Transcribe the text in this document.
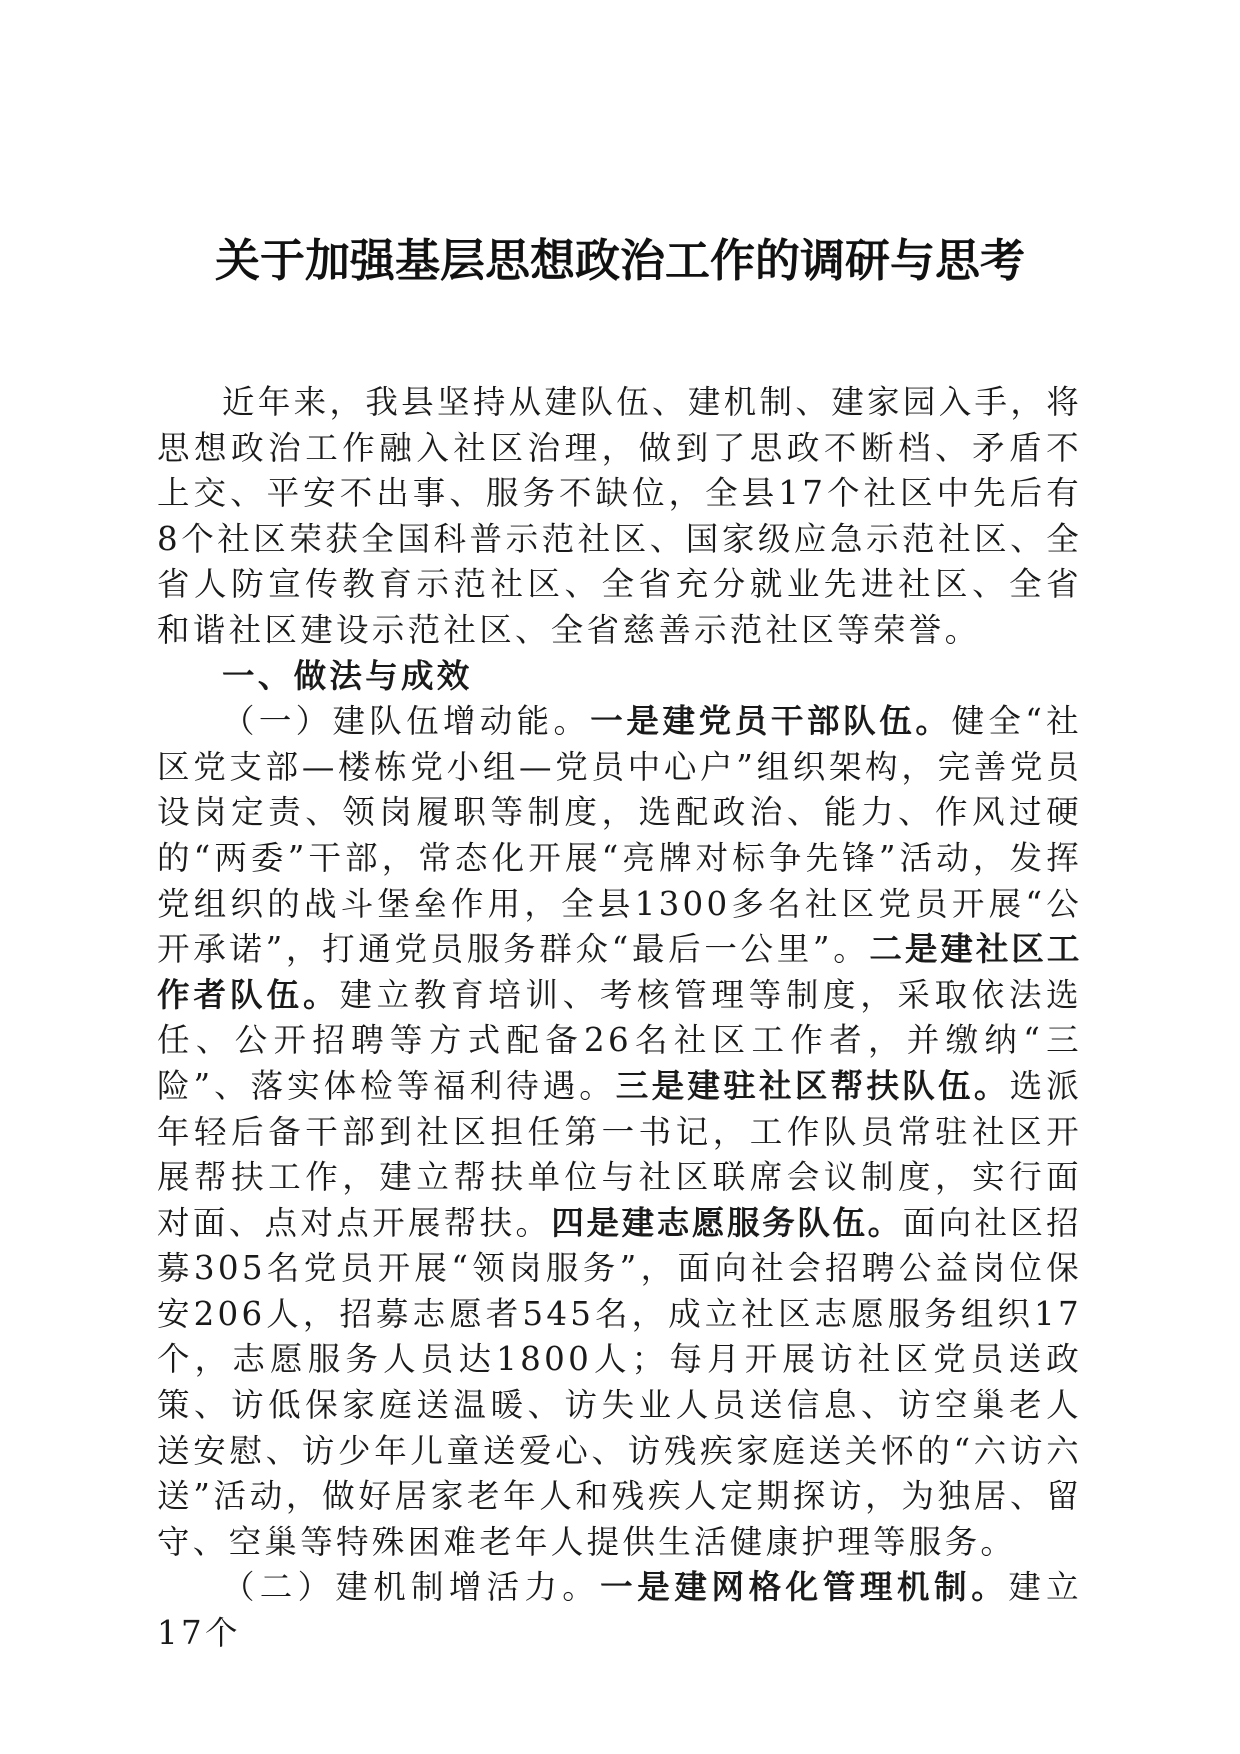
关于加强基层思想政治工作的调研与思考

近年来，我县坚持从建队伍、建机制、建家园入手，将思想政治工作融入社区治理，做到了思政不断档、矛盾不上交、平安不出事、服务不缺位，全县17个社区中先后有8个社区荣获全国科普示范社区、国家级应急示范社区、全省人防宣传教育示范社区、全省充分就业先进社区、全省和谐社区建设示范社区、全省慈善示范社区等荣誉。

一、做法与成效

（一）建队伍增动能。一是建党员干部队伍。健全“社区党支部—楼栋党小组—党员中心户”组织架构，完善党员设岗定责、领岗履职等制度，选配政治、能力、作风过硬的“两委”干部，常态化开展“亮牌对标争先锋”活动，发挥党组织的战斗堡垒作用，全县1300多名社区党员开展“公开承诺”，打通党员服务群众“最后一公里”。二是建社区工作者队伍。建立教育培训、考核管理等制度，采取依法选任、公开招聘等方式配备26名社区工作者，并缴纳“三险”、落实体检等福利待遇。三是建驻社区帮扶队伍。选派年轻后备干部到社区担任第一书记，工作队员常驻社区开展帮扶工作，建立帮扶单位与社区联席会议制度，实行面对面、点对点开展帮扶。四是建志愿服务队伍。面向社区招募305名党员开展“领岗服务”，面向社会招聘公益岗位保安206人，招募志愿者545名，成立社区志愿服务组织17个，志愿服务人员达1800人；每月开展访社区党员送政策、访低保家庭送温暖、访失业人员送信息、访空巢老人送安慰、访少年儿童送爱心、访残疾家庭送关怀的“六访六送”活动，做好居家老年人和残疾人定期探访，为独居、留守、空巢等特殊困难老年人提供生活健康护理等服务。

（二）建机制增活力。一是建网格化管理机制。建立17个
